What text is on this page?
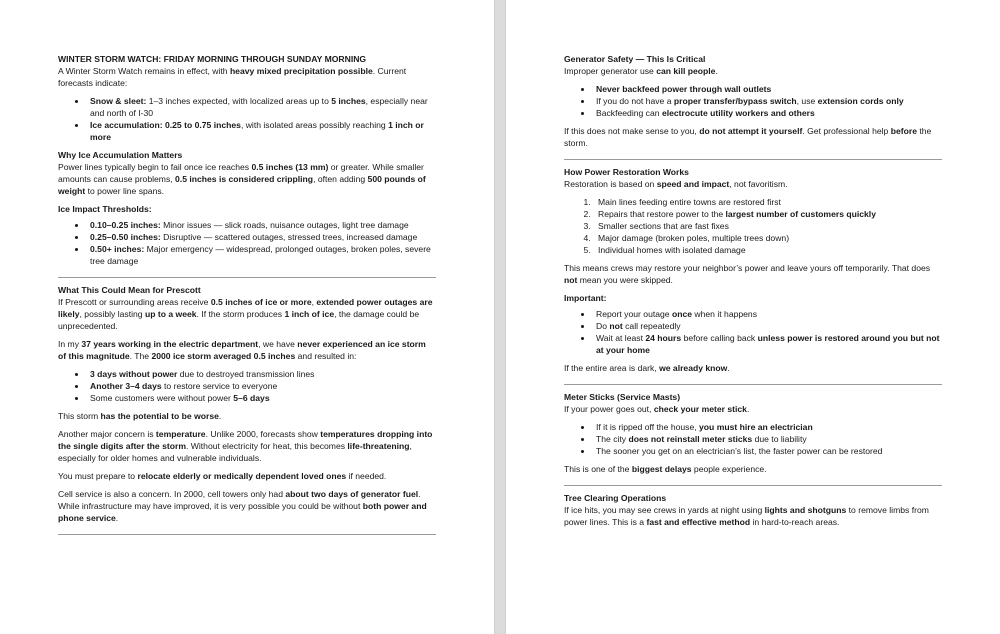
WINTER STORM WATCH: FRIDAY MORNING THROUGH SUNDAY MORNING

A Winter Storm Watch remains in effect, with heavy mixed precipitation possible. Current forecasts indicate:

• Snow & sleet: 1–3 inches expected, with localized areas up to 5 inches, especially near and north of I-30
• Ice accumulation: 0.25 to 0.75 inches, with isolated areas possibly reaching 1 inch or more

Why Ice Accumulation Matters

Power lines typically begin to fail once ice reaches 0.5 inches (13 mm) or greater. While smaller amounts can cause problems, 0.5 inches is considered crippling, often adding 500 pounds of weight to power line spans.

Ice Impact Thresholds:

• 0.10–0.25 inches: Minor issues — slick roads, nuisance outages, light tree damage
• 0.25–0.50 inches: Disruptive — scattered outages, stressed trees, increased damage
• 0.50+ inches: Major emergency — widespread, prolonged outages, broken poles, severe tree damage

What This Could Mean for Prescott

If Prescott or surrounding areas receive 0.5 inches of ice or more, extended power outages are likely, possibly lasting up to a week. If the storm produces 1 inch of ice, the damage could be unprecedented.

In my 37 years working in the electric department, we have never experienced an ice storm of this magnitude. The 2000 ice storm averaged 0.5 inches and resulted in:

• 3 days without power due to destroyed transmission lines
• Another 3–4 days to restore service to everyone
• Some customers were without power 5–6 days

This storm has the potential to be worse.

Another major concern is temperature. Unlike 2000, forecasts show temperatures dropping into the single digits after the storm. Without electricity for heat, this becomes life-threatening, especially for older homes and vulnerable individuals.

You must prepare to relocate elderly or medically dependent loved ones if needed.

Cell service is also a concern. In 2000, cell towers only had about two days of generator fuel. While infrastructure may have improved, it is very possible you could be without both power and phone service.

Generator Safety — This Is Critical

Improper generator use can kill people.

• Never backfeed power through wall outlets
• If you do not have a proper transfer/bypass switch, use extension cords only
• Backfeeding can electrocute utility workers and others

If this does not make sense to you, do not attempt it yourself. Get professional help before the storm.

How Power Restoration Works

Restoration is based on speed and impact, not favoritism.

1. Main lines feeding entire towns are restored first
2. Repairs that restore power to the largest number of customers quickly
3. Smaller sections that are fast fixes
4. Major damage (broken poles, multiple trees down)
5. Individual homes with isolated damage

This means crews may restore your neighbor’s power and leave yours off temporarily. That does not mean you were skipped.

Important:

• Report your outage once when it happens
• Do not call repeatedly
• Wait at least 24 hours before calling back unless power is restored around you but not at your home

If the entire area is dark, we already know.

Meter Sticks (Service Masts)

If your power goes out, check your meter stick.

• If it is ripped off the house, you must hire an electrician
• The city does not reinstall meter sticks due to liability
• The sooner you get on an electrician’s list, the faster power can be restored

This is one of the biggest delays people experience.

Tree Clearing Operations

If ice hits, you may see crews in yards at night using lights and shotguns to remove limbs from power lines. This is a fast and effective method in hard-to-reach areas.
